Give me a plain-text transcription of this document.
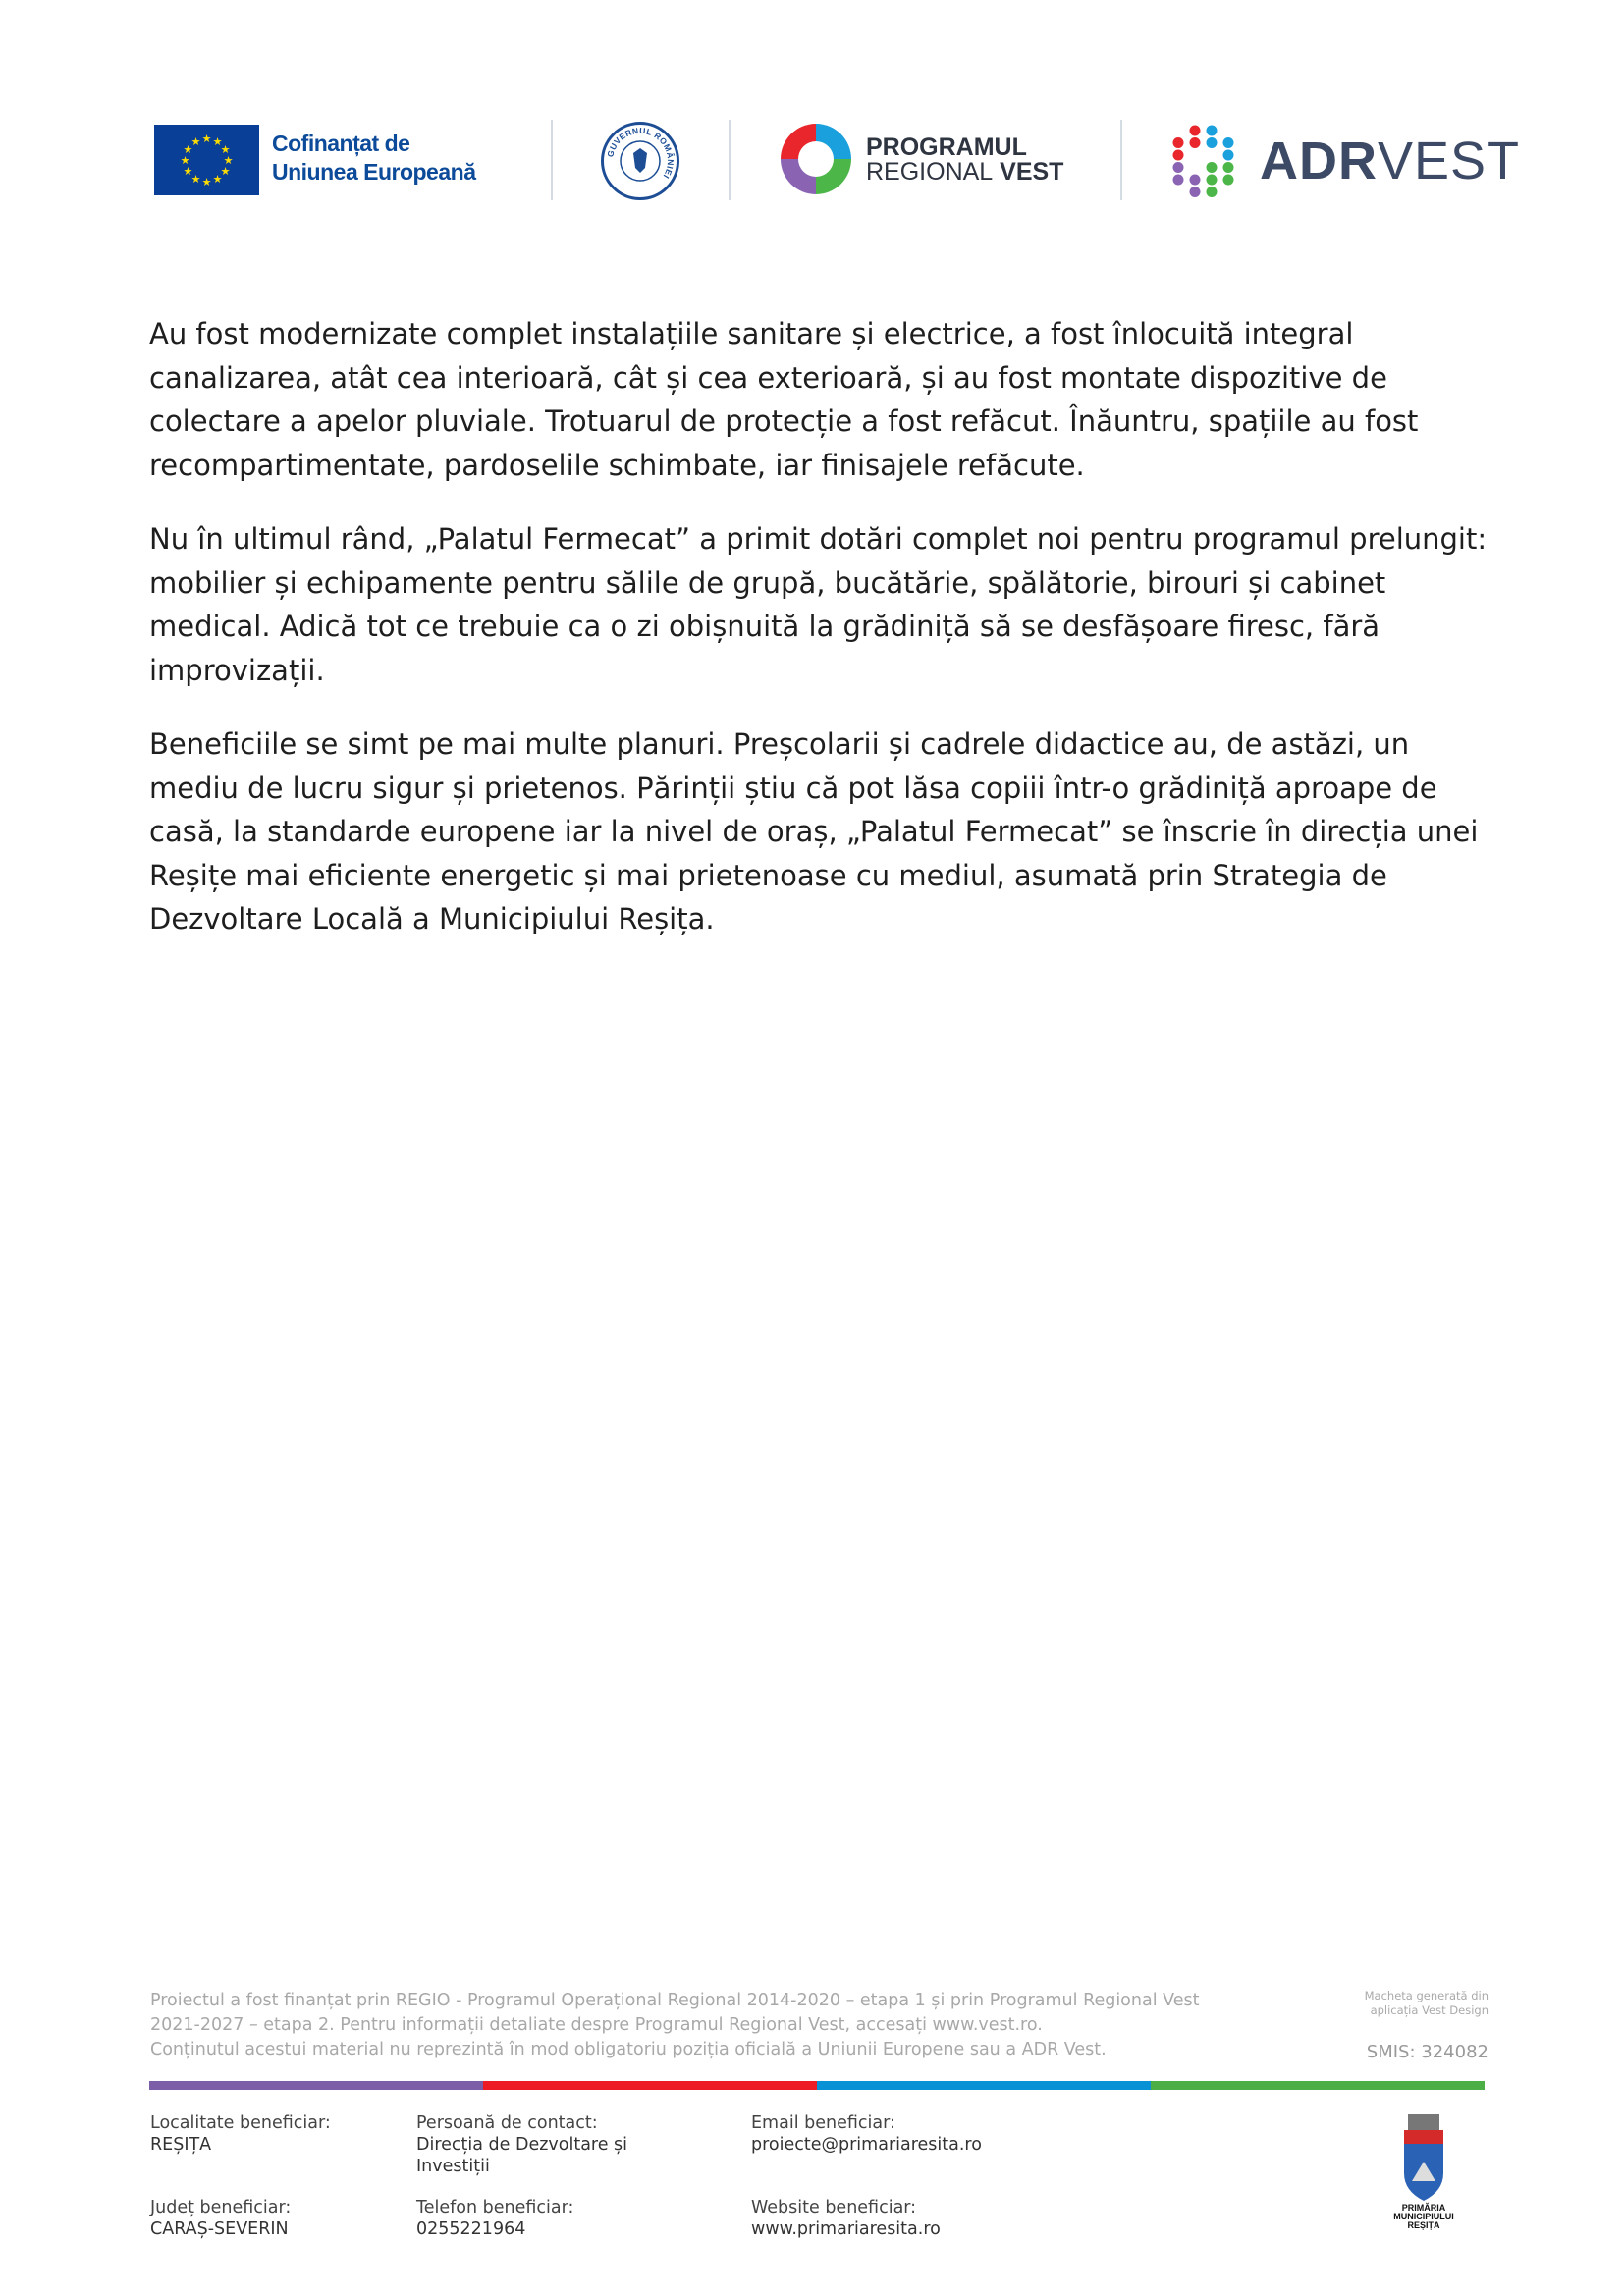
★ ★
★
★
★
★
★
★
★
★
★
★	Cofinanțat de
Uniunea Europeană
GUVERNUL ROMÂNIEI
PROGRAMUL
REGIONAL VEST	ADRVEST

Au fost modernizate complet instalațiile sanitare și electrice, a fost înlocuită integral canalizarea, atât cea interioară, cât și cea exterioară, și au fost montate dispozitive de colectare a apelor pluviale. Trotuarul de protecție a fost refăcut. Înăuntru, spațiile au fost recompartimentate, pardoselile schimbate, iar finisajele refăcute.

Nu în ultimul rând, „Palatul Fermecat” a primit dotări complet noi pentru programul prelungit: mobilier și echipamente pentru sălile de grupă, bucătărie, spălătorie, birouri și cabinet medical. Adică tot ce trebuie ca o zi obișnuită la grădiniță să se desfășoare firesc, fără improvizații.

Beneficiile se simt pe mai multe planuri. Preșcolarii și cadrele didactice au, de astăzi, un mediu de lucru sigur și prietenos. Părinții știu că pot lăsa copiii într-o grădiniță aproape de casă, la standarde europene iar la nivel de oraș, „Palatul Fermecat” se înscrie în direcția unei Reșițe mai eficiente energetic și mai prietenoase cu mediul, asumată prin Strategia de Dezvoltare Locală a Municipiului Reșița.

Proiectul a fost finanțat prin REGIO - Programul Operațional Regional 2014-2020 – etapa 1 și prin Programul Regional Vest
2021-2027 – etapa 2. Pentru informații detaliate despre Programul Regional Vest, accesați www.vest.ro.
Conținutul acestui material nu reprezintă în mod obligatoriu poziția oficială a Uniunii Europene sau a ADR Vest.
Macheta generată din
aplicația Vest Design
SMIS: 324082
Localitate beneficiar:
REȘIȚA
Persoană de contact:
Direcția de Dezvoltare și Investiții
Email beneficiar:
proiecte@primariaresita.ro
Județ beneficiar:
CARAȘ-SEVERIN
Telefon beneficiar:
0255221964
Website beneficiar:
www.primariaresita.ro
PRIMĂRIA
MUNICIPIULUI
REȘIȚA
